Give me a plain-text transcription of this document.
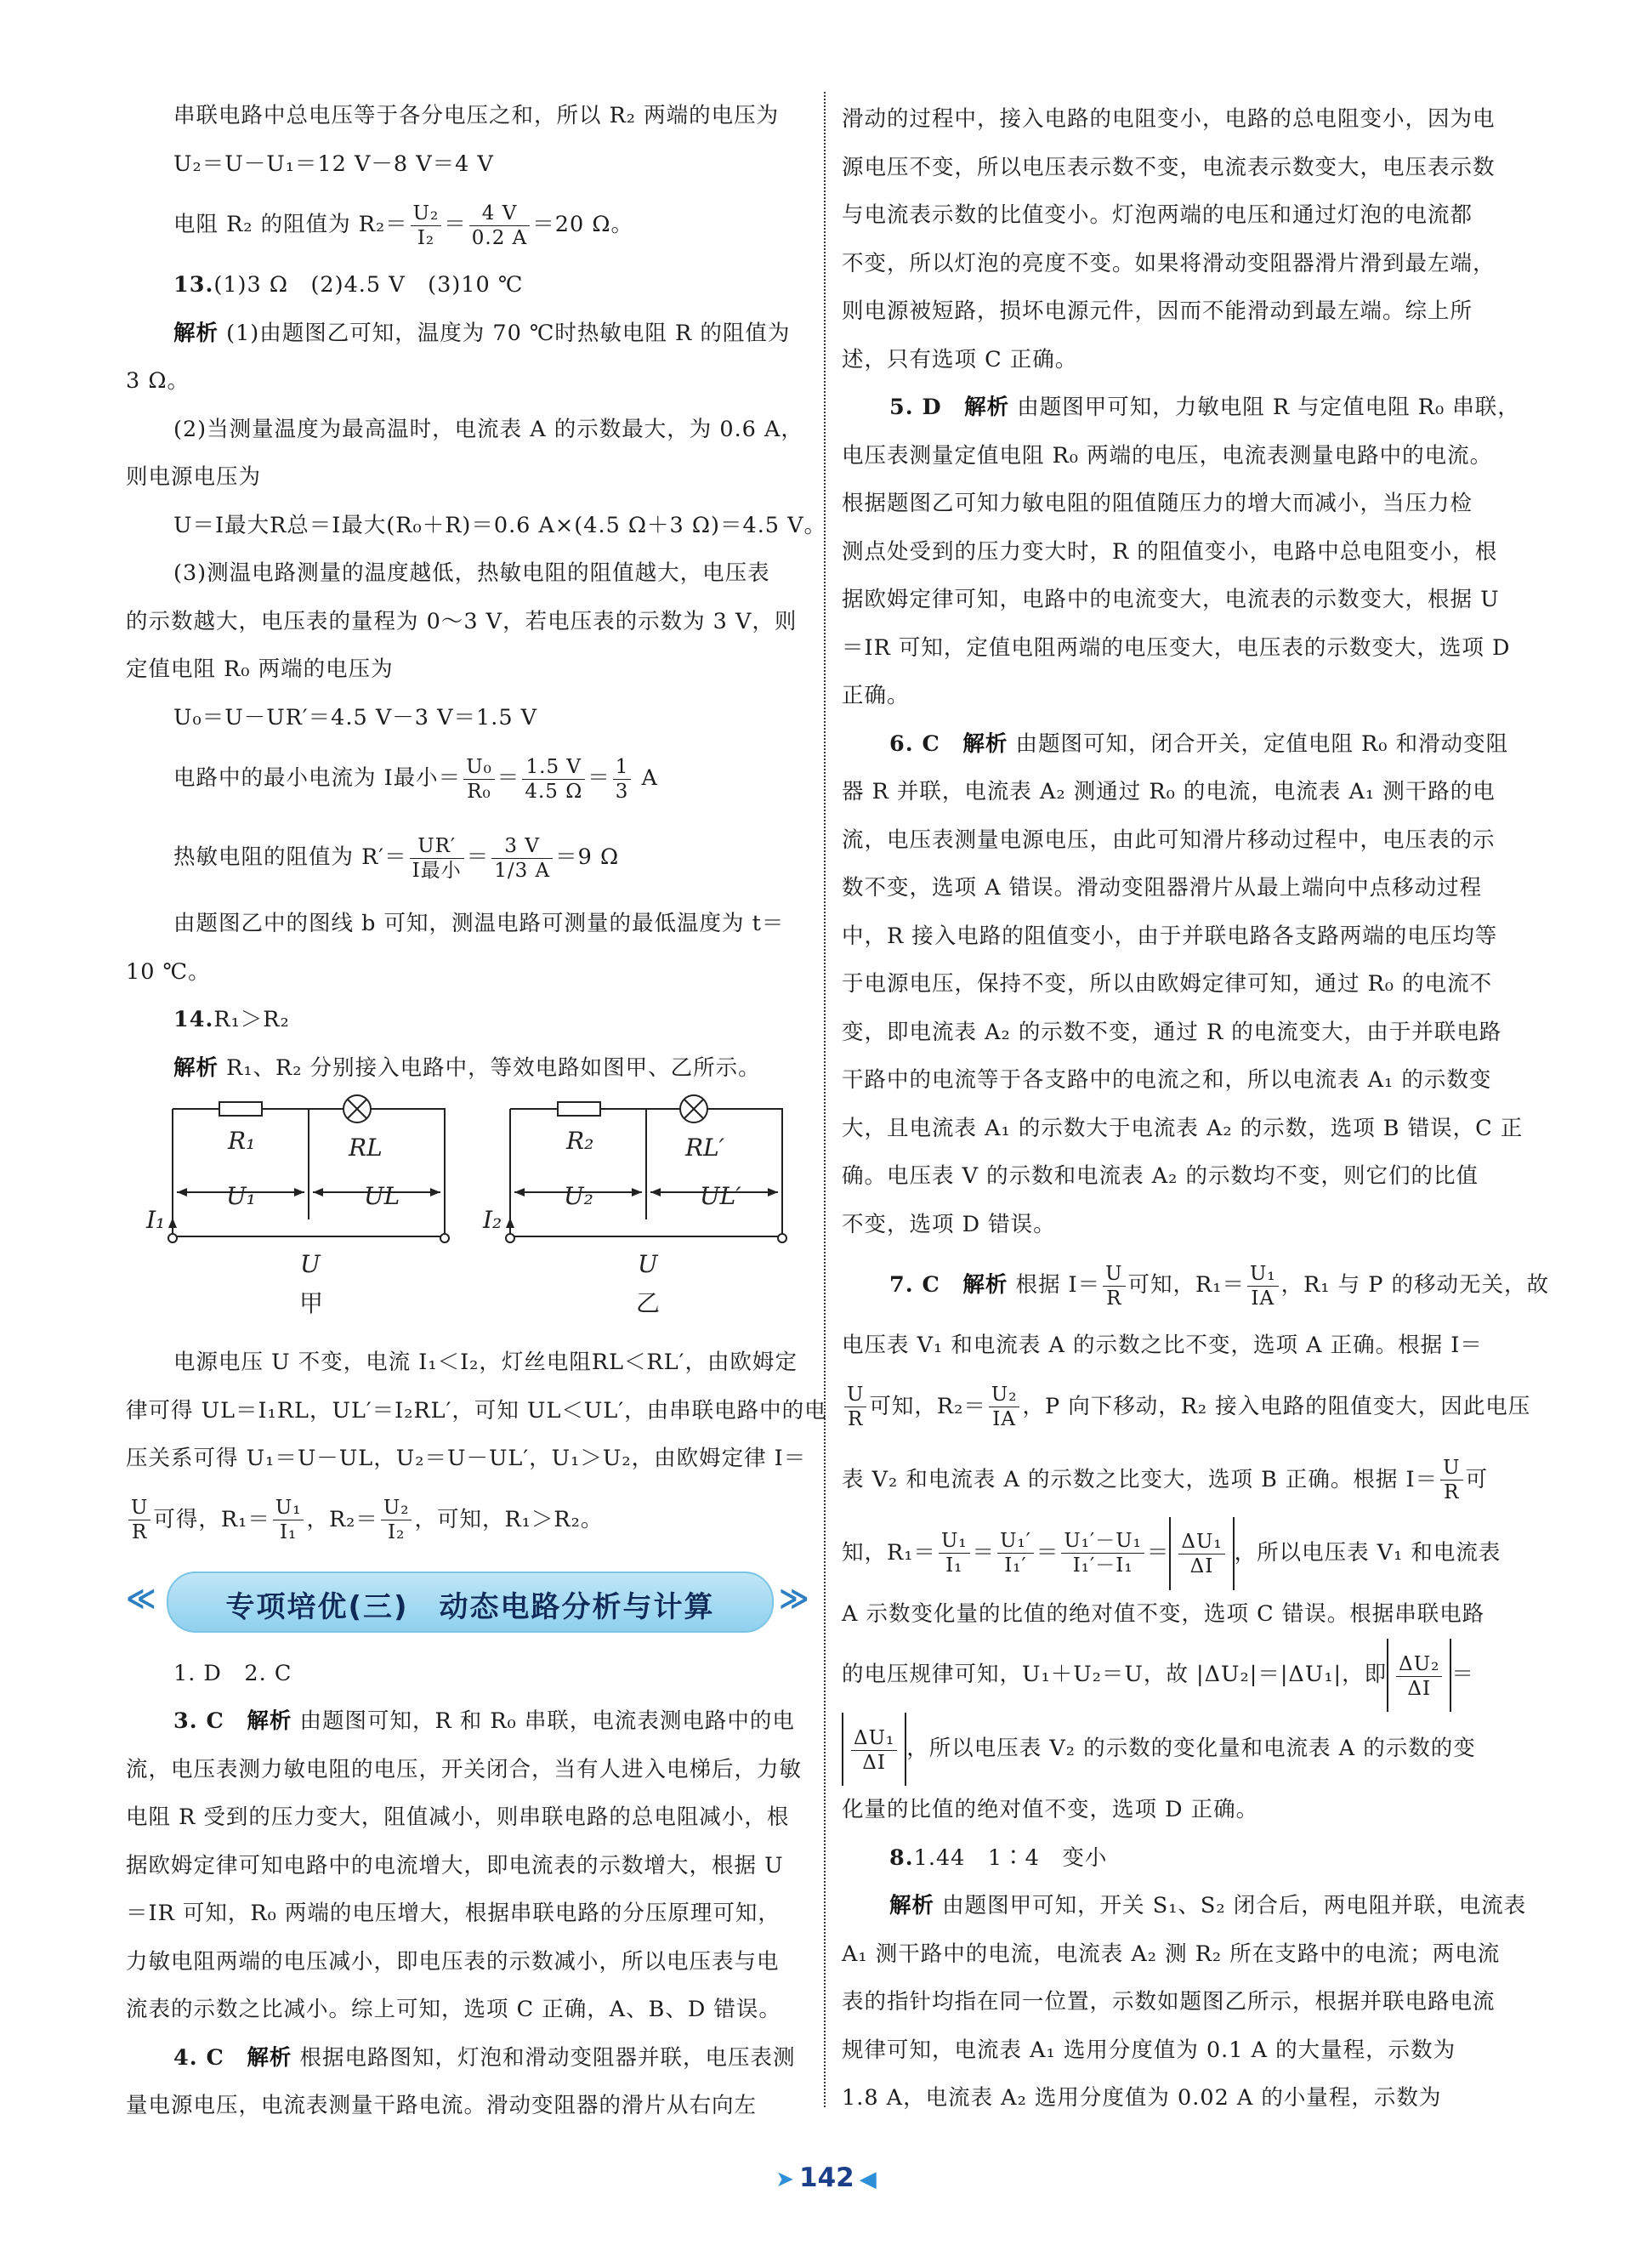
串联电路中总电压等于各分电压之和，所以 R₂ 两端的电压为
U₂＝U－U₁＝12 V－8 V＝4 V
电阻 R₂ 的阻值为 $R_2= \frac{\text{U₂}}{\text{I₂}} = \frac{4 V}{0.2 A} =20$ Ω。
13.(1)3 Ω　(2)4.5 V　(3)10 ℃
解析 (1)由题图乙可知，温度为 70 ℃时热敏电阻 R 的阻值为
3 Ω。
(2)当测量温度为最高温时，电流表 A 的示数最大，为 0.6 A，
则电源电压为
U＝I最大R总＝I最大(R₀＋R)＝0.6 A×(4.5 Ω＋3 Ω)＝4.5 V。
(3)测温电路测量的温度越低，热敏电阻的阻值越大，电压表
的示数越大，电压表的量程为 0～3 V，若电压表的示数为 3 V，则
定值电阻 R₀ 两端的电压为
U₀＝U－UR′＝4.5 V－3 V＝1.5 V
电路中的最小电流为 I最小＝ $\frac{\text{U₀}}{\text{R₀}} = \frac{1.5 V}{4.5 \Omega} = \frac{1}{3}$ A
热敏电阻的阻值为 $R'= \frac{UR'}{\text{I最小}} = \frac{3 V}{1/3 A} =9$ Ω
由题图乙中的图线 b 可知，测温电路可测量的最低温度为 t＝
10 ℃。
14.R₁＞R₂
解析 R₁、R₂ 分别接入电路中，等效电路如图甲、乙所示。
R₁	RL
U₁	UL
I₁
U
R₂	RL′
U₂	UL′
I₂
U
甲	乙
电源电压 U 不变，电流 I₁＜I₂，灯丝电阻RL＜RL′，由欧姆定
律可得 UL＝I₁RL，UL′＝I₂RL′，可知 UL＜UL′，由串联电路中的电
压关系可得 U₁＝U－UL，U₂＝U－UL′，U₁＞U₂，由欧姆定律 I＝
$\frac{U}{R}$ 可得，$R_1= \frac{\text{U₁}}{\text{I₁}}$ ，$R_2= \frac{\text{U₂}}{\text{I₂}}$ ，可知，R₁＞R₂。
≪	专项培优(三)　动态电路分析与计算	≫
1. D　2. C
3. C　 解析 由题图可知，R 和 R₀ 串联，电流表测电路中的电
流，电压表测力敏电阻的电压，开关闭合，当有人进入电梯后，力敏
电阻 R 受到的压力变大，阻值减小，则串联电路的总电阻减小，根
据欧姆定律可知电路中的电流增大，即电流表的示数增大，根据 U
＝IR 可知，R₀ 两端的电压增大，根据串联电路的分压原理可知，
力敏电阻两端的电压减小，即电压表的示数减小，所以电压表与电
流表的示数之比减小。综上可知，选项 C 正确，A、B、D 错误。
4. C　 解析 根据电路图知，灯泡和滑动变阻器并联，电压表测
量电源电压，电流表测量干路电流。滑动变阻器的滑片从右向左
滑动的过程中，接入电路的电阻变小，电路的总电阻变小，因为电
源电压不变，所以电压表示数不变，电流表示数变大，电压表示数
与电流表示数的比值变小。灯泡两端的电压和通过灯泡的电流都
不变，所以灯泡的亮度不变。如果将滑动变阻器滑片滑到最左端，
则电源被短路，损坏电源元件，因而不能滑动到最左端。综上所
述，只有选项 C 正确。
5. D　 解析 由题图甲可知，力敏电阻 R 与定值电阻 R₀ 串联，
电压表测量定值电阻 R₀ 两端的电压，电流表测量电路中的电流。
根据题图乙可知力敏电阻的阻值随压力的增大而减小，当压力检
测点处受到的压力变大时，R 的阻值变小，电路中总电阻变小，根
据欧姆定律可知，电路中的电流变大，电流表的示数变大，根据 U
＝IR 可知，定值电阻两端的电压变大，电压表的示数变大，选项 D
正确。
6. C　 解析 由题图可知，闭合开关，定值电阻 R₀ 和滑动变阻
器 R 并联，电流表 A₂ 测通过 R₀ 的电流，电流表 A₁ 测干路的电
流，电压表测量电源电压，由此可知滑片移动过程中，电压表的示
数不变，选项 A 错误。滑动变阻器滑片从最上端向中点移动过程
中，R 接入电路的阻值变小，由于并联电路各支路两端的电压均等
于电源电压，保持不变，所以由欧姆定律可知，通过 R₀ 的电流不
变，即电流表 A₂ 的示数不变，通过 R 的电流变大，由于并联电路
干路中的电流等于各支路中的电流之和，所以电流表 A₁ 的示数变
大，且电流表 A₁ 的示数大于电流表 A₂ 的示数，选项 B 错误，C 正
确。电压表 V 的示数和电流表 A₂ 的示数均不变，则它们的比值
不变，选项 D 错误。
7. C　 解析 根据 $I= \frac{U}{R}$ 可知，$R_1= \frac{\text{U₁}}{IA}$ ，R₁ 与 P 的移动无关，故
电压表 V₁ 和电流表 A 的示数之比不变，选项 A 正确。根据 I＝
$\frac{U}{R}$ 可知，$R_2= \frac{\text{U₂}}{IA}$ ，P 向下移动，R₂ 接入电路的阻值变大，因此电压
表 V₂ 和电流表 A 的示数之比变大，选项 B 正确。根据 $I= \frac{U}{R}$ 可
知，$R_1= \frac{\text{U₁}}{\text{I₁}} = \frac{\text{U₁′}}{\text{I₁′}} = \frac{\text{U₁′－U₁}}{\text{I₁′－I₁}} = \frac{\text{ΔU₁}}{\Delta I}$ ，所以电压表 V₁ 和电流表
A 示数变化量的比值的绝对值不变，选项 C 错误。根据串联电路
的电压规律可知，U₁＋U₂＝U，故 |ΔU₂|＝|ΔU₁|，即 $\frac{\text{ΔU₂}}{\Delta I}$ ＝
$\frac{\text{ΔU₁}}{\Delta I}$ ，所以电压表 V₂ 的示数的变化量和电流表 A 的示数的变
化量的比值的绝对值不变，选项 D 正确。
8.1.44　1∶4　变小
解析 由题图甲可知，开关 S₁、S₂ 闭合后，两电阻并联，电流表
A₁ 测干路中的电流，电流表 A₂ 测 R₂ 所在支路中的电流；两电流
表的指针均指在同一位置，示数如题图乙所示，根据并联电路电流
规律可知，电流表 A₁ 选用分度值为 0.1 A 的大量程，示数为
1.8 A，电流表 A₂ 选用分度值为 0.02 A 的小量程，示数为
➤ 142 ◀
